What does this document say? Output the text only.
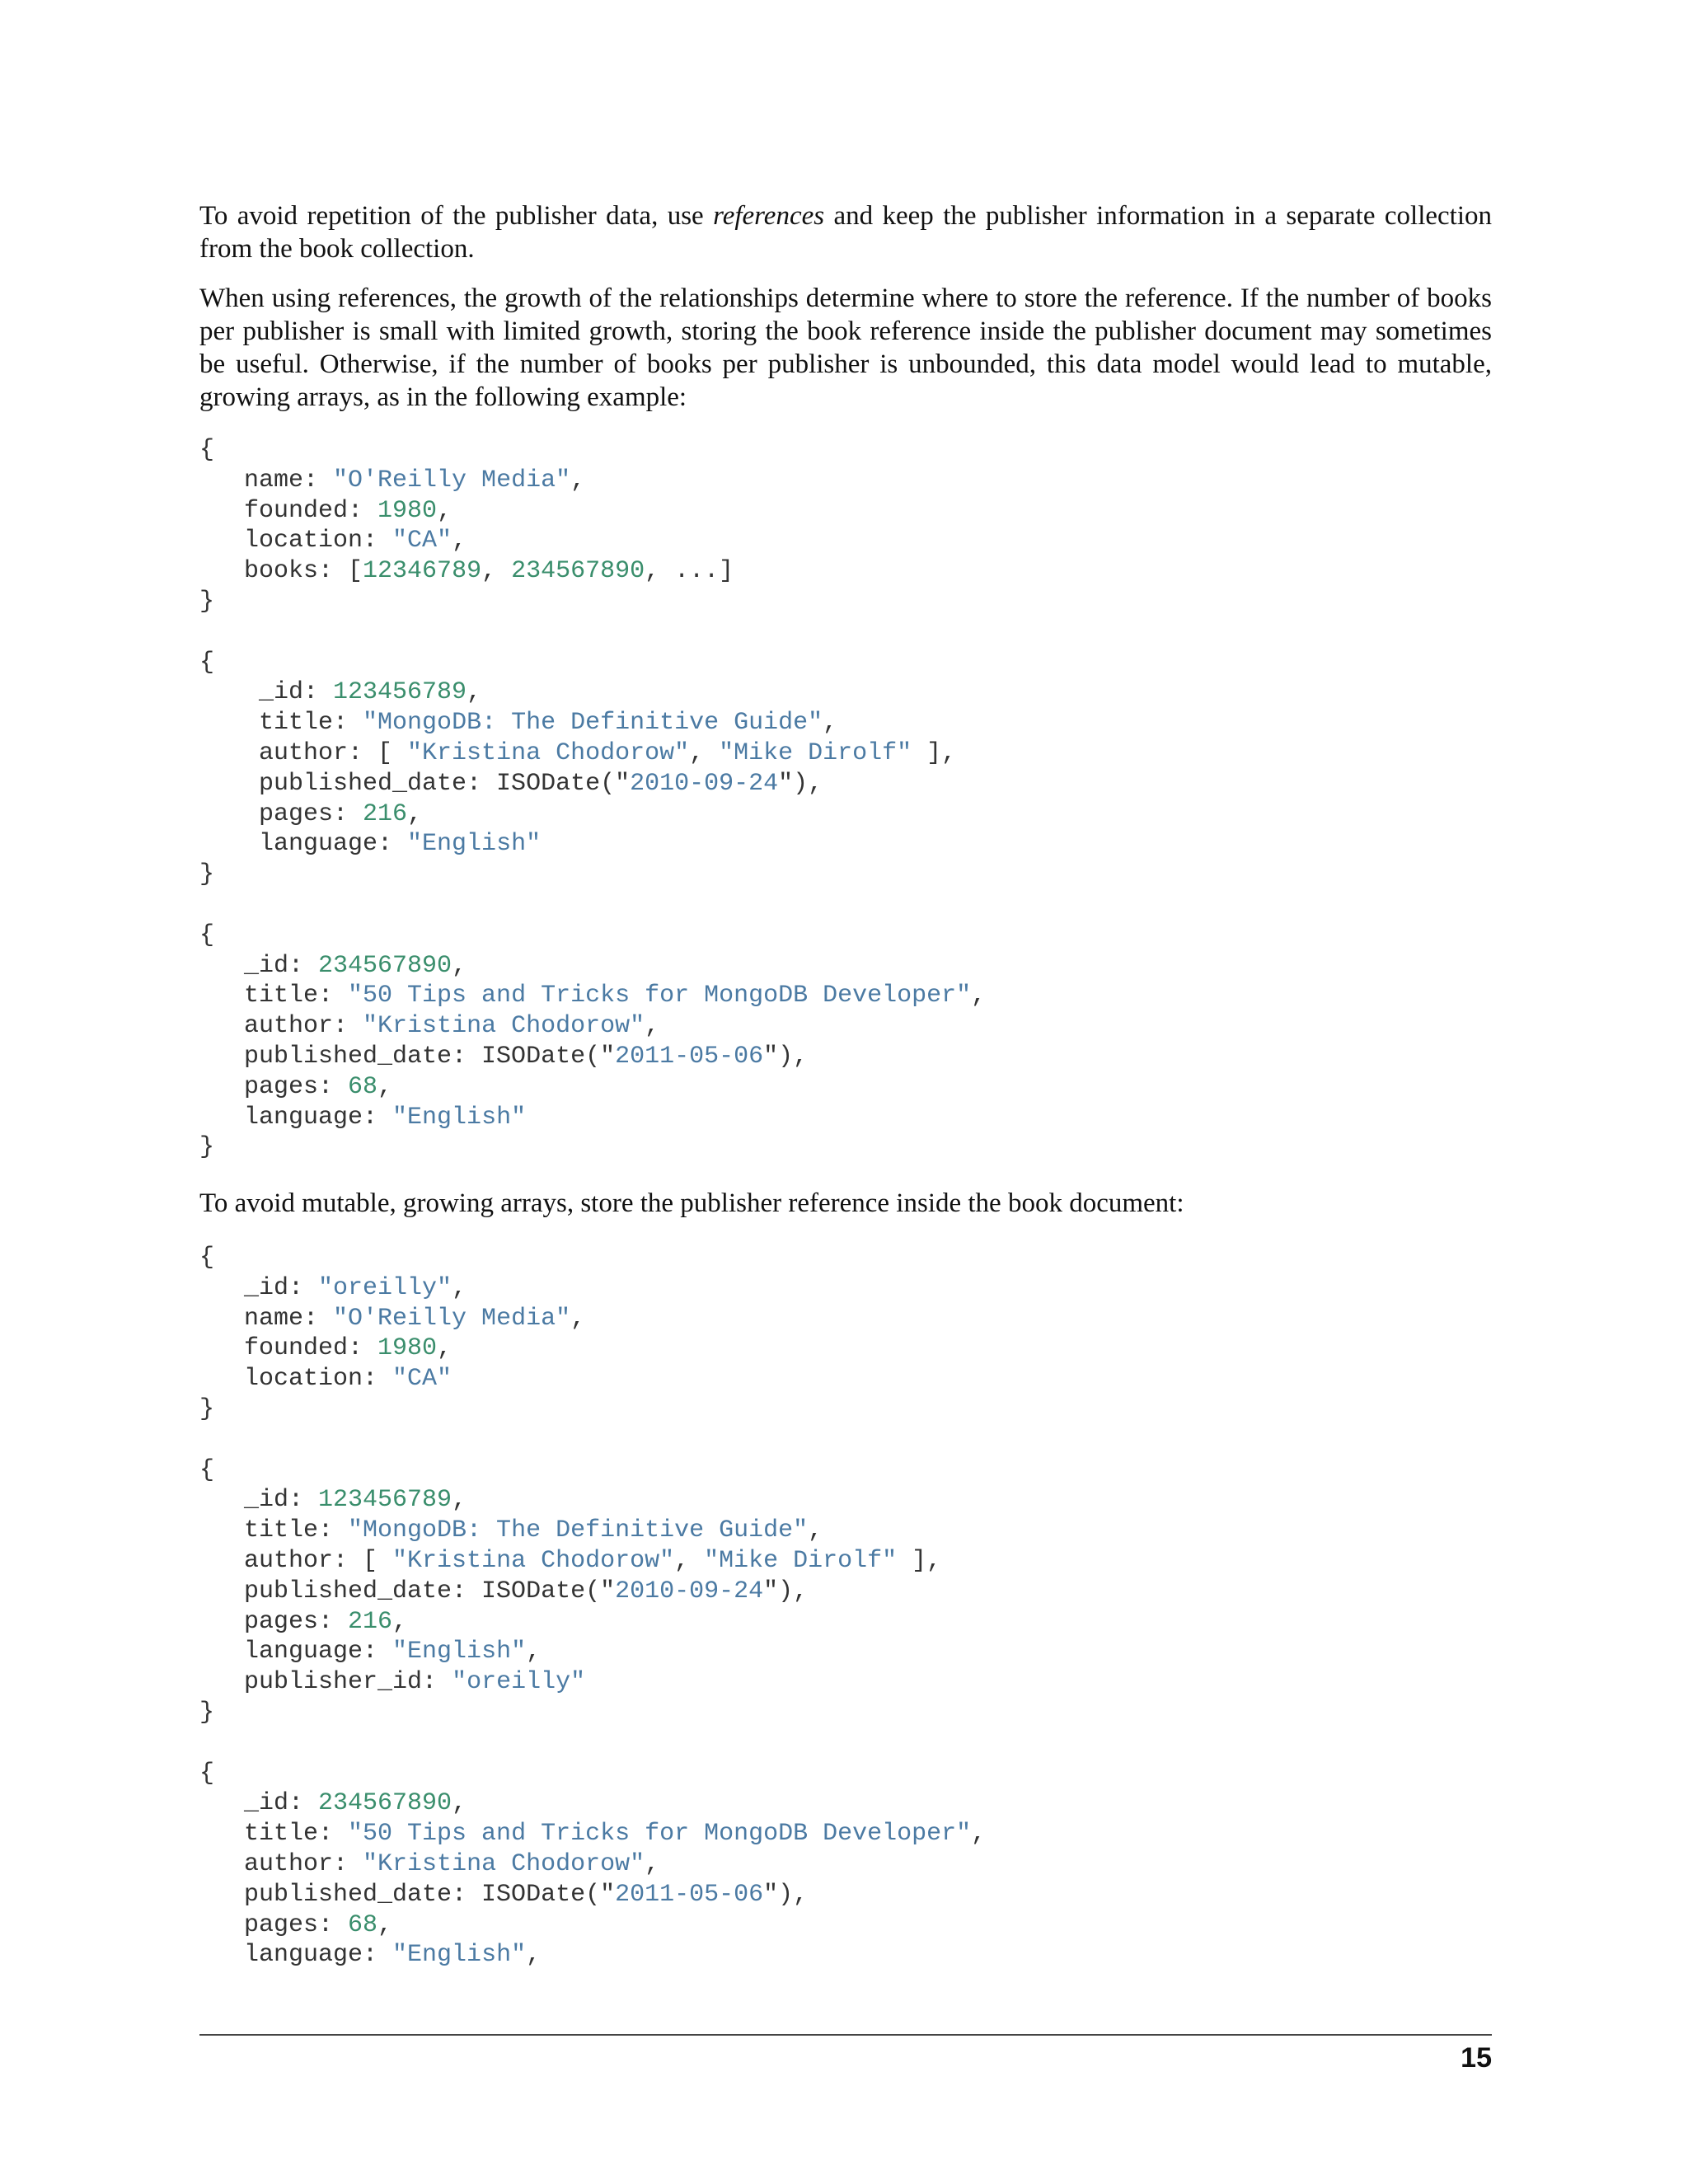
To avoid repetition of the publisher data, use references and keep the publisher information in a separate collection from the book collection.

When using references, the growth of the relationships determine where to store the reference. If the number of books per publisher is small with limited growth, storing the book reference inside the publisher document may sometimes be useful. Otherwise, if the number of books per publisher is unbounded, this data model would lead to mutable, growing arrays, as in the following example:

{
name: "O'Reilly Media",
founded: 1980,
location: "CA",
books: [12346789, 234567890, ...]
}

{
_id: 123456789,
title: "MongoDB: The Definitive Guide",
author: [ "Kristina Chodorow", "Mike Dirolf" ],
published_date: ISODate("2010-09-24"),
pages: 216,
language: "English"
}

{
_id: 234567890,
title: "50 Tips and Tricks for MongoDB Developer",
author: "Kristina Chodorow",
published_date: ISODate("2011-05-06"),
pages: 68,
language: "English"
}

To avoid mutable, growing arrays, store the publisher reference inside the book document:

{
_id: "oreilly",
name: "O'Reilly Media",
founded: 1980,
location: "CA"
}

{
_id: 123456789,
title: "MongoDB: The Definitive Guide",
author: [ "Kristina Chodorow", "Mike Dirolf" ],
published_date: ISODate("2010-09-24"),
pages: 216,
language: "English",
publisher_id: "oreilly"
}

{
_id: 234567890,
title: "50 Tips and Tricks for MongoDB Developer",
author: "Kristina Chodorow",
published_date: ISODate("2011-05-06"),
pages: 68,
language: "English",
15
